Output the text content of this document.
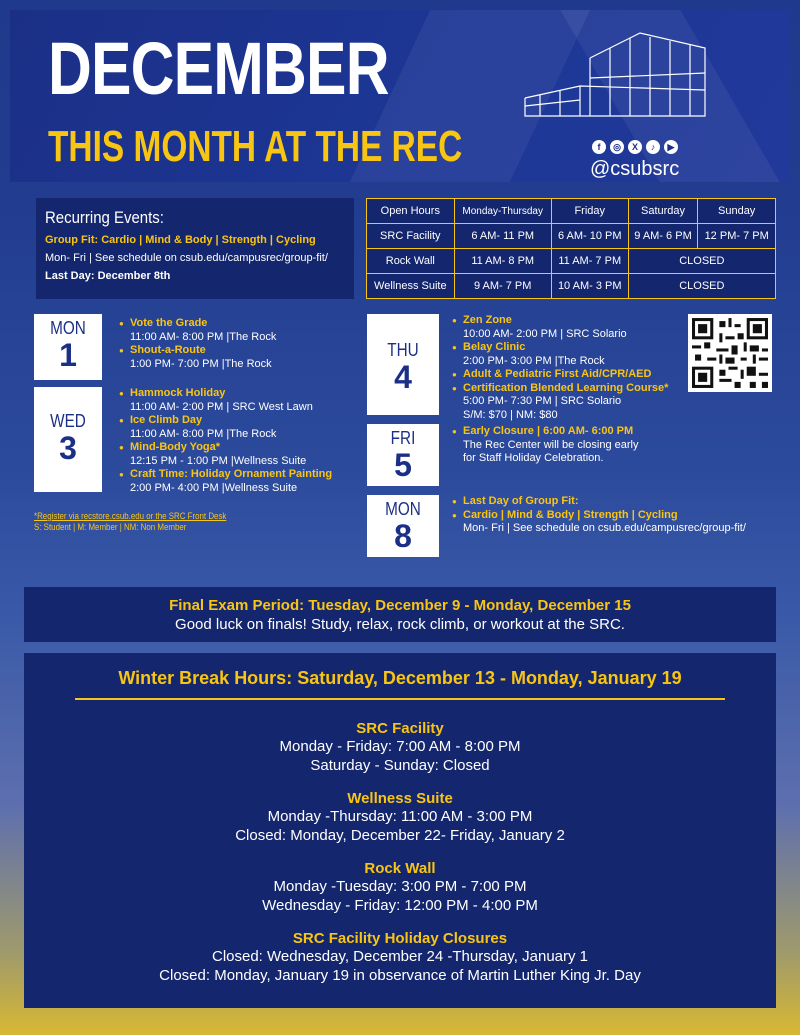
DECEMBER
THIS MONTH AT THE REC	f	◎	X	♪	▶
@csubsrc
Recurring Events:
Group Fit: Cardio | Mind & Body | Strength | Cycling
Mon- Fri | See schedule on csub.edu/campusrec/group-fit/
Last Day: December 8th
Open Hours	Monday-Thursday	Friday	Saturday	Sunday
SRC Facility	6 AM- 11 PM	6 AM- 10 PM	9 AM- 6 PM	12 PM- 7 PM
Rock Wall	11 AM- 8 PM	11 AM- 7 PM	CLOSED	
Wellness Suite	9 AM- 7 PM	10 AM- 3 PM	CLOSED	
MON
1
● Vote the Grade
11:00 AM- 8:00 PM |The Rock
● Shout-a-Route
1:00 PM- 7:00 PM |The Rock
WED
3
● Hammock Holiday
11:00 AM- 2:00 PM | SRC West Lawn
● Ice Climb Day
11:00 AM- 8:00 PM |The Rock
● Mind-Body Yoga*
12:15 PM - 1:00 PM |Wellness Suite
● Craft Time: Holiday Ornament Painting
2:00 PM- 4:00 PM |Wellness Suite
*Register via recstore.csub.edu or the SRC Front Desk
S: Student | M: Member | NM: Non Member
THU
4
● Zen Zone
10:00 AM- 2:00 PM | SRC Solario
● Belay Clinic
2:00 PM- 3:00 PM |The Rock
● Adult & Pediatric First Aid/CPR/AED
● Certification Blended Learning Course*
5:00 PM- 7:30 PM | SRC Solario
S/M: $70 | NM: $80
FRI
5
● Early Closure | 6:00 AM- 6:00 PM
The Rec Center will be closing early
for Staff Holiday Celebration.
MON
8
● Last Day of Group Fit:
● Cardio | Mind & Body | Strength | Cycling
Mon- Fri | See schedule on csub.edu/campusrec/group-fit/
Final Exam Period: Tuesday, December 9 - Monday, December 15
Good luck on finals! Study, relax, rock climb, or workout at the SRC.
Winter Break Hours: Saturday, December 13 - Monday, January 19
SRC Facility
Monday - Friday: 7:00 AM - 8:00 PM
Saturday - Sunday: Closed
Wellness Suite
Monday -Thursday: 11:00 AM - 3:00 PM
Closed: Monday, December 22- Friday, January 2
Rock Wall
Monday -Tuesday: 3:00 PM - 7:00 PM
Wednesday - Friday: 12:00 PM - 4:00 PM
SRC Facility Holiday Closures
Closed: Wednesday, December 24 -Thursday, January 1
Closed: Monday, January 19 in observance of Martin Luther King Jr. Day
